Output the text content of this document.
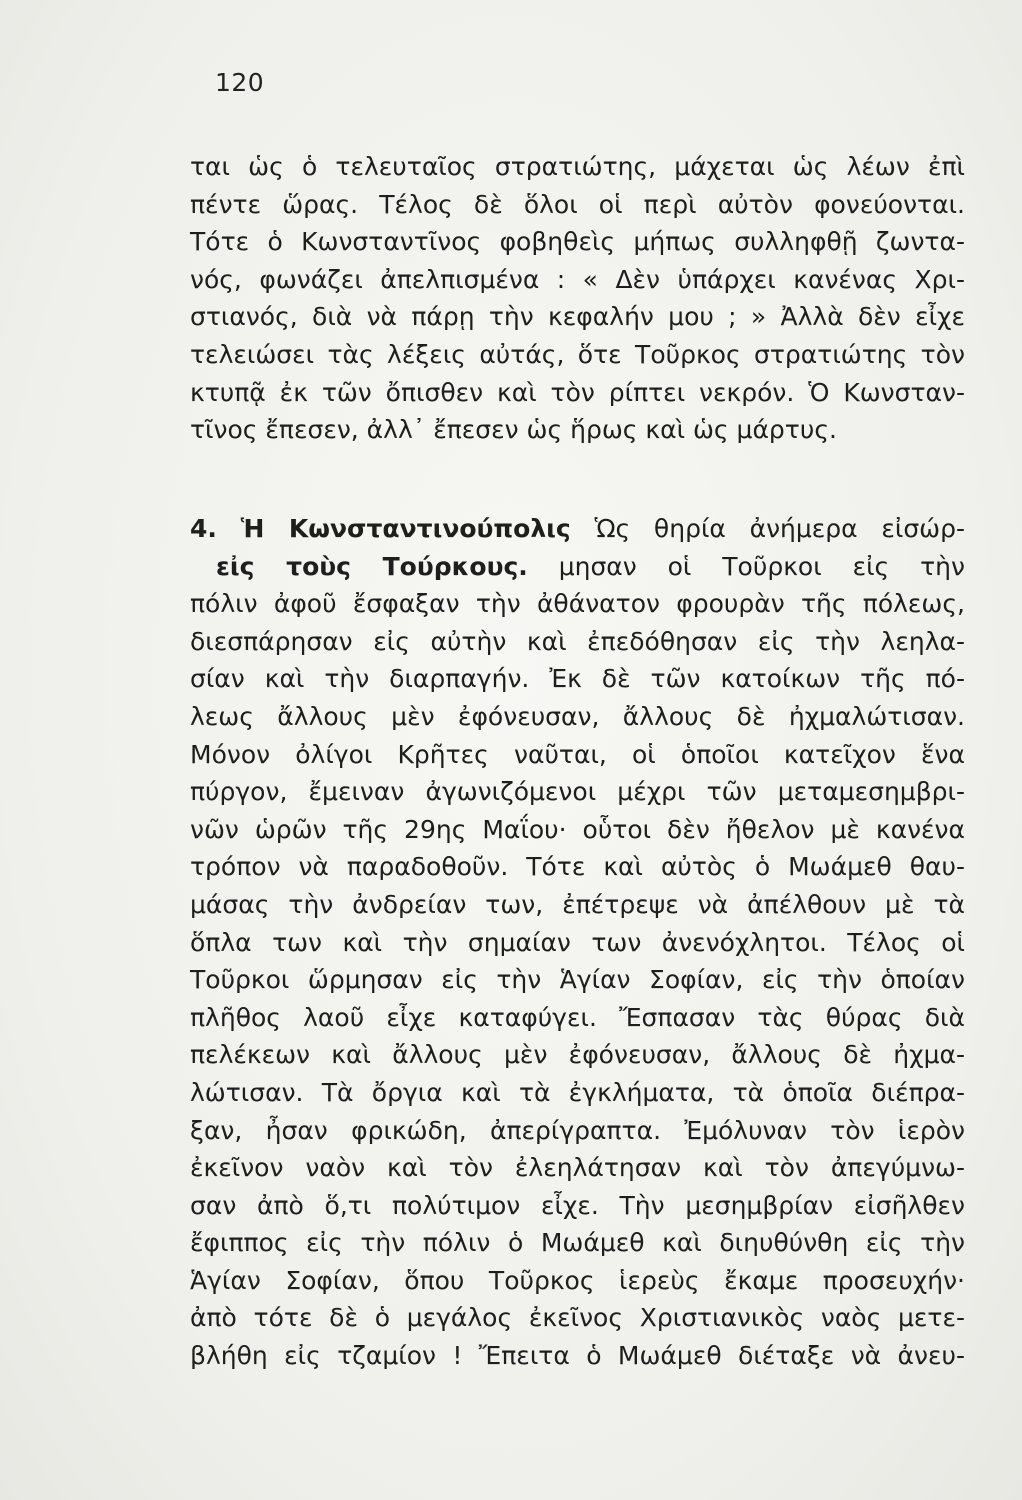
120
ται ὡς ὁ τελευταῖος στρατιώτης, μάχεται ὡς λέων ἐπὶ
πέντε ὥρας. Τέλος δὲ ὅλοι οἱ περὶ αὐτὸν φονεύονται.
Τότε ὁ Κωνσταντῖνος φοβηθεὶς μήπως συλληφθῇ ζωντα-
νός, φωνάζει ἀπελπισμένα : « Δὲν ὑπάρχει κανένας Χρι-
στιανός, διὰ νὰ πάρῃ τὴν κεφαλήν μου ; » Ἀλλὰ δὲν εἶχε
τελειώσει τὰς λέξεις αὐτάς, ὅτε Τοῦρκος στρατιώτης τὸν
κτυπᾷ ἐκ τῶν ὄπισθεν καὶ τὸν ρίπτει νεκρόν. Ὁ Κωνσταν-
τῖνος ἔπεσεν, ἀλλ᾽ ἔπεσεν ὡς ἥρως καὶ ὡς μάρτυς.
4. Ἡ Κωνσταντινούπολις Ὡς θηρία ἀνήμερα εἰσώρ-
εἰς τοὺς Τούρκους. μησαν οἱ Τοῦρκοι εἰς τὴν
πόλιν ἀφοῦ ἔσφαξαν τὴν ἀθάνατον φρουρὰν τῆς πόλεως,
διεσπάρησαν εἰς αὐτὴν καὶ ἐπεδόθησαν εἰς τὴν λεηλα-
σίαν καὶ τὴν διαρπαγήν. Ἐκ δὲ τῶν κατοίκων τῆς πό-
λεως ἄλλους μὲν ἐφόνευσαν, ἄλλους δὲ ἠχμαλώτισαν.
Μόνον ὀλίγοι Κρῆτες ναῦται, οἱ ὁποῖοι κατεῖχον ἕνα
πύργον, ἔμειναν ἀγωνιζόμενοι μέχρι τῶν μεταμεσημβρι-
νῶν ὡρῶν τῆς 29ης Μαΐου· οὗτοι δὲν ἤθελον μὲ κανένα
τρόπον νὰ παραδοθοῦν. Τότε καὶ αὐτὸς ὁ Μωάμεθ θαυ-
μάσας τὴν ἀνδρείαν των, ἐπέτρεψε νὰ ἀπέλθουν μὲ τὰ
ὅπλα των καὶ τὴν σημαίαν των ἀνενόχλητοι. Τέλος οἱ
Τοῦρκοι ὥρμησαν εἰς τὴν Ἁγίαν Σοφίαν, εἰς τὴν ὁποίαν
πλῆθος λαοῦ εἶχε καταφύγει. Ἔσπασαν τὰς θύρας διὰ
πελέκεων καὶ ἄλλους μὲν ἐφόνευσαν, ἄλλους δὲ ἠχμα-
λώτισαν. Τὰ ὄργια καὶ τὰ ἐγκλήματα, τὰ ὁποῖα διέπρα-
ξαν, ἦσαν φρικώδη, ἀπερίγραπτα. Ἐμόλυναν τὸν ἱερὸν
ἐκεῖνον ναὸν καὶ τὸν ἐλεηλάτησαν καὶ τὸν ἀπεγύμνω-
σαν ἀπὸ ὅ,τι πολύτιμον εἶχε. Τὴν μεσημβρίαν εἰσῆλθεν
ἔφιππος εἰς τὴν πόλιν ὁ Μωάμεθ καὶ διηυθύνθη εἰς τὴν
Ἁγίαν Σοφίαν, ὅπου Τοῦρκος ἱερεὺς ἔκαμε προσευχήν·
ἀπὸ τότε δὲ ὁ μεγάλος ἐκεῖνος Χριστιανικὸς ναὸς μετε-
βλήθη εἰς τζαμίον ! Ἔπειτα ὁ Μωάμεθ διέταξε νὰ ἀνευ-
